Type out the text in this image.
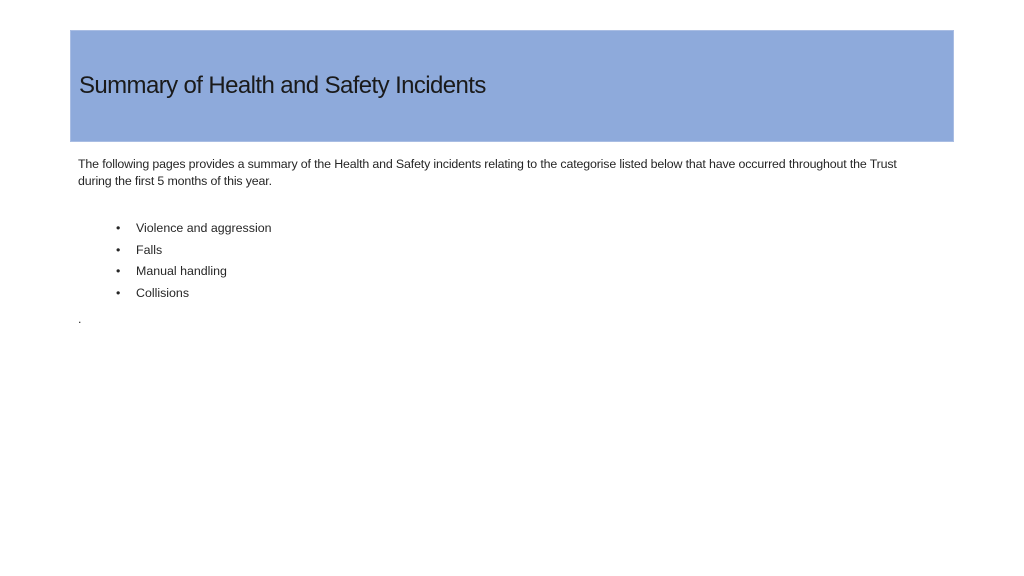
Summary of Health and Safety Incidents

The following pages provides a summary of the Health and Safety incidents relating to the categorise listed below that have occurred throughout the Trust during the first 5 months of this year.

• Violence and aggression
• Falls
• Manual handling
• Collisions
.
